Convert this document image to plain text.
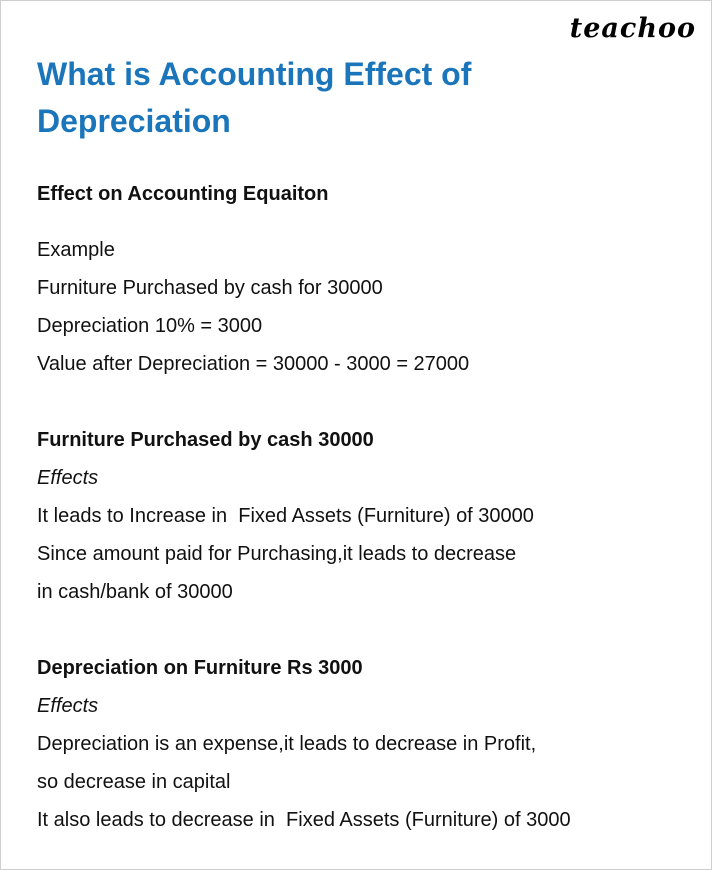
teachoo
What is Accounting Effect of
Depreciation
Effect on Accounting Equaiton

Example

Furniture Purchased by cash for 30000

Depreciation 10% = 3000

Value after Depreciation = 30000 - 3000 = 27000

Furniture Purchased by cash 30000

Effects

It leads to Increase in  Fixed Assets (Furniture) of 30000

Since amount paid for Purchasing,it leads to decrease

in cash/bank of 30000

Depreciation on Furniture Rs 3000

Effects

Depreciation is an expense,it leads to decrease in Profit,

so decrease in capital

It also leads to decrease in  Fixed Assets (Furniture) of 3000
